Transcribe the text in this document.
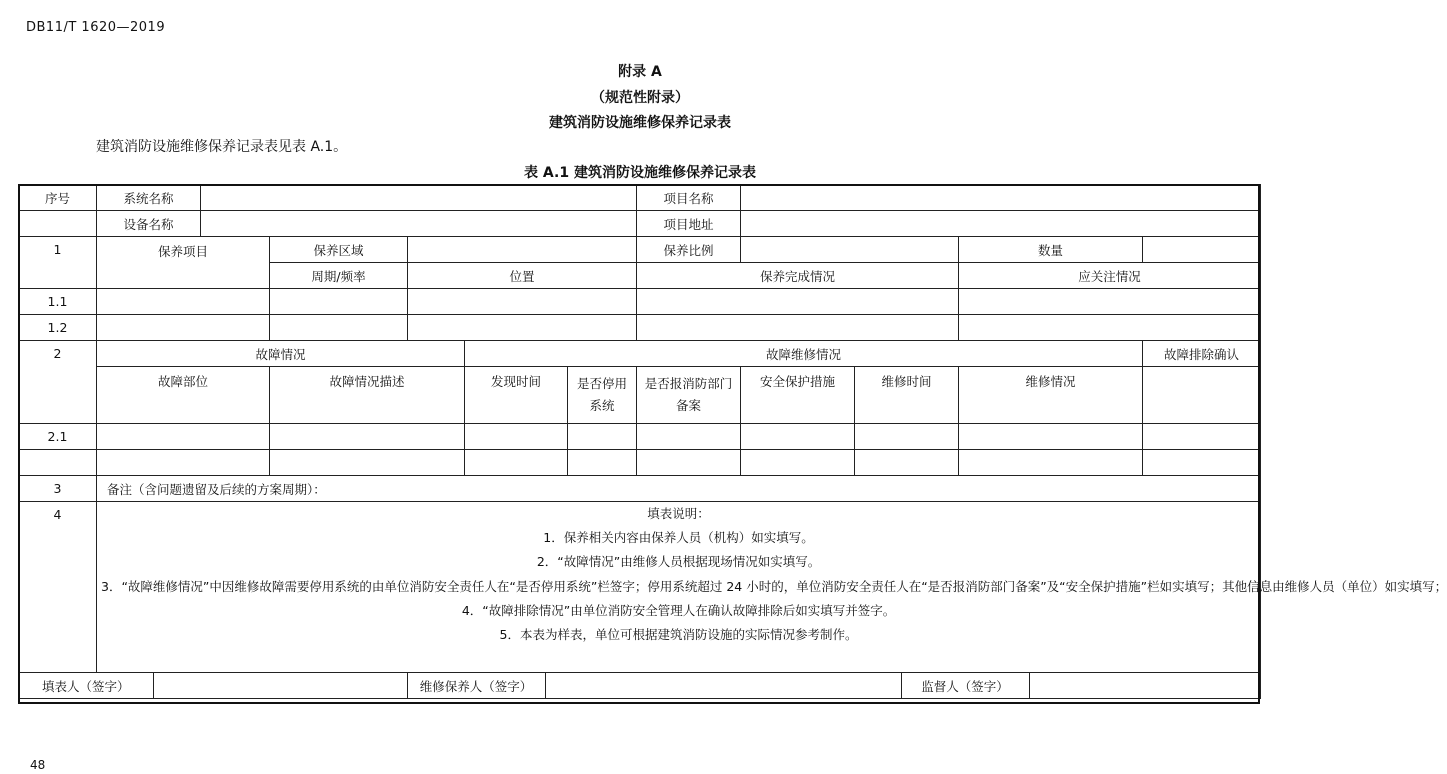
DB11/T 1620—2019
附录 A
（规范性附录）
建筑消防设施维修保养记录表
建筑消防设施维修保养记录表见表 A.1。
表 A.1 建筑消防设施维修保养记录表
序号	系统名称		项目名称	
	设备名称		项目地址	
1	保养项目	保养区域		保养比例		数量	
周期/频率	位置	保养完成情况	应关注情况
1.1					
1.2					
2	故障情况	故障维修情况	故障排除确认
故障部位	故障情况描述	发现时间	是否停用系统	是否报消防部门备案	安全保护措施	维修时间	维修情况	
2.1									

3	备注（含问题遗留及后续的方案周期）：
4	填表说明：
1．保养相关内容由保养人员（机构）如实填写。
2．“故障情况”由维修人员根据现场情况如实填写。
3．“故障维修情况”中因维修故障需要停用系统的由单位消防安全责任人在“是否停用系统”栏签字；停用系统超过 24 小时的，单位消防安全责任人在“是否报消防部门备案”及“安全保护措施”栏如实填写；其他信息由维修人员（单位）如实填写；
4．“故障排除情况”由单位消防安全管理人在确认故障排除后如实填写并签字。
5．本表为样表，单位可根据建筑消防设施的实际情况参考制作。

填表人（签字）		维修保养人（签字）		监督人（签字）	
48
